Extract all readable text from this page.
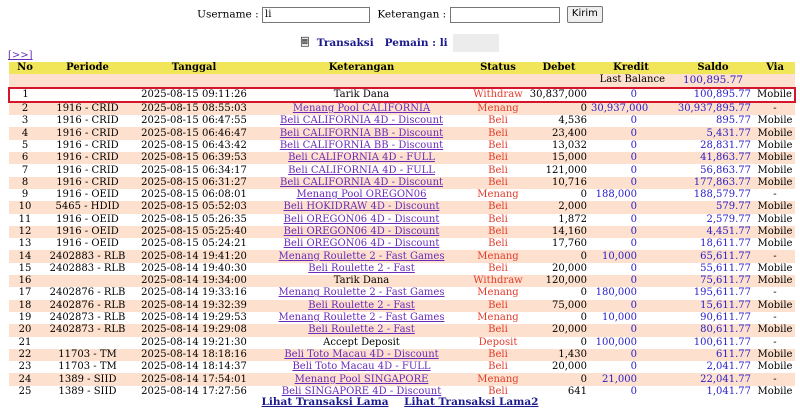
Username : li	Keterangan :	Kirim
🗏 Transaksi Pemain : li
[>>]
No	Periode	Tanggal	Keterangan	Status	Debet	Kredit	Saldo	Via
						Last Balance	100,895.77	
1		2025-08-15 09:11:26	Tarik Dana	Withdraw	30,837,000	0	100,895.77	Mobile
2	1916 - CRID	2025-08-15 08:55:03	Menang Pool CALIFORNIA	Menang	0	30,937,000	30,937,895.77	-
3	1916 - CRID	2025-08-15 06:47:55	Beli CALIFORNIA 4D - Discount	Beli	4,536	0	895.77	Mobile
4	1916 - CRID	2025-08-15 06:46:47	Beli CALIFORNIA BB - Discount	Beli	23,400	0	5,431.77	Mobile
5	1916 - CRID	2025-08-15 06:43:42	Beli CALIFORNIA BB - Discount	Beli	13,032	0	28,831.77	Mobile
6	1916 - CRID	2025-08-15 06:39:53	Beli CALIFORNIA 4D - FULL	Beli	15,000	0	41,863.77	Mobile
7	1916 - CRID	2025-08-15 06:34:17	Beli CALIFORNIA 4D - FULL	Beli	121,000	0	56,863.77	Mobile
8	1916 - CRID	2025-08-15 06:31:27	Beli CALIFORNIA 4D - Discount	Beli	10,716	0	177,863.77	Mobile
9	1916 - OEID	2025-08-15 06:08:01	Menang Pool OREGON06	Menang	0	188,000	188,579.77	-
10	5465 - HDID	2025-08-15 05:52:03	Beli HOKIDRAW 4D - Discount	Beli	2,000	0	579.77	Mobile
11	1916 - OEID	2025-08-15 05:26:35	Beli OREGON06 4D - Discount	Beli	1,872	0	2,579.77	Mobile
12	1916 - OEID	2025-08-15 05:25:40	Beli OREGON06 4D - Discount	Beli	14,160	0	4,451.77	Mobile
13	1916 - OEID	2025-08-15 05:24:21	Beli OREGON06 4D - Discount	Beli	17,760	0	18,611.77	Mobile
14	2402883 - RLB	2025-08-14 19:41:20	Menang Roulette 2 - Fast Games	Menang	0	10,000	65,611.77	-
15	2402883 - RLB	2025-08-14 19:40:30	Beli Roulette 2 - Fast	Beli	20,000	0	55,611.77	Mobile
16		2025-08-14 19:34:00	Tarik Dana	Withdraw	120,000	0	75,611.77	Mobile
17	2402876 - RLB	2025-08-14 19:33:16	Menang Roulette 2 - Fast Games	Menang	0	180,000	195,611.77	-
18	2402876 - RLB	2025-08-14 19:32:39	Beli Roulette 2 - Fast	Beli	75,000	0	15,611.77	Mobile
19	2402873 - RLB	2025-08-14 19:29:53	Menang Roulette 2 - Fast Games	Menang	0	10,000	90,611.77	-
20	2402873 - RLB	2025-08-14 19:29:08	Beli Roulette 2 - Fast	Beli	20,000	0	80,611.77	Mobile
21		2025-08-14 19:21:30	Accept Deposit	Deposit	0	100,000	100,611.77	-
22	11703 - TM	2025-08-14 18:18:16	Beli Toto Macau 4D - Discount	Beli	1,430	0	611.77	Mobile
23	11703 - TM	2025-08-14 18:14:37	Beli Toto Macau 4D - FULL	Beli	20,000	0	2,041.77	Mobile
24	1389 - SIID	2025-08-14 17:54:01	Menang Pool SINGAPORE	Menang	0	21,000	22,041.77	-
25	1389 - SIID	2025-08-14 17:27:56	Beli SINGAPORE 4D - Discount	Beli	641	0	1,041.77	Mobile
Lihat Transaksi Lama Lihat Transaksi Lama2
